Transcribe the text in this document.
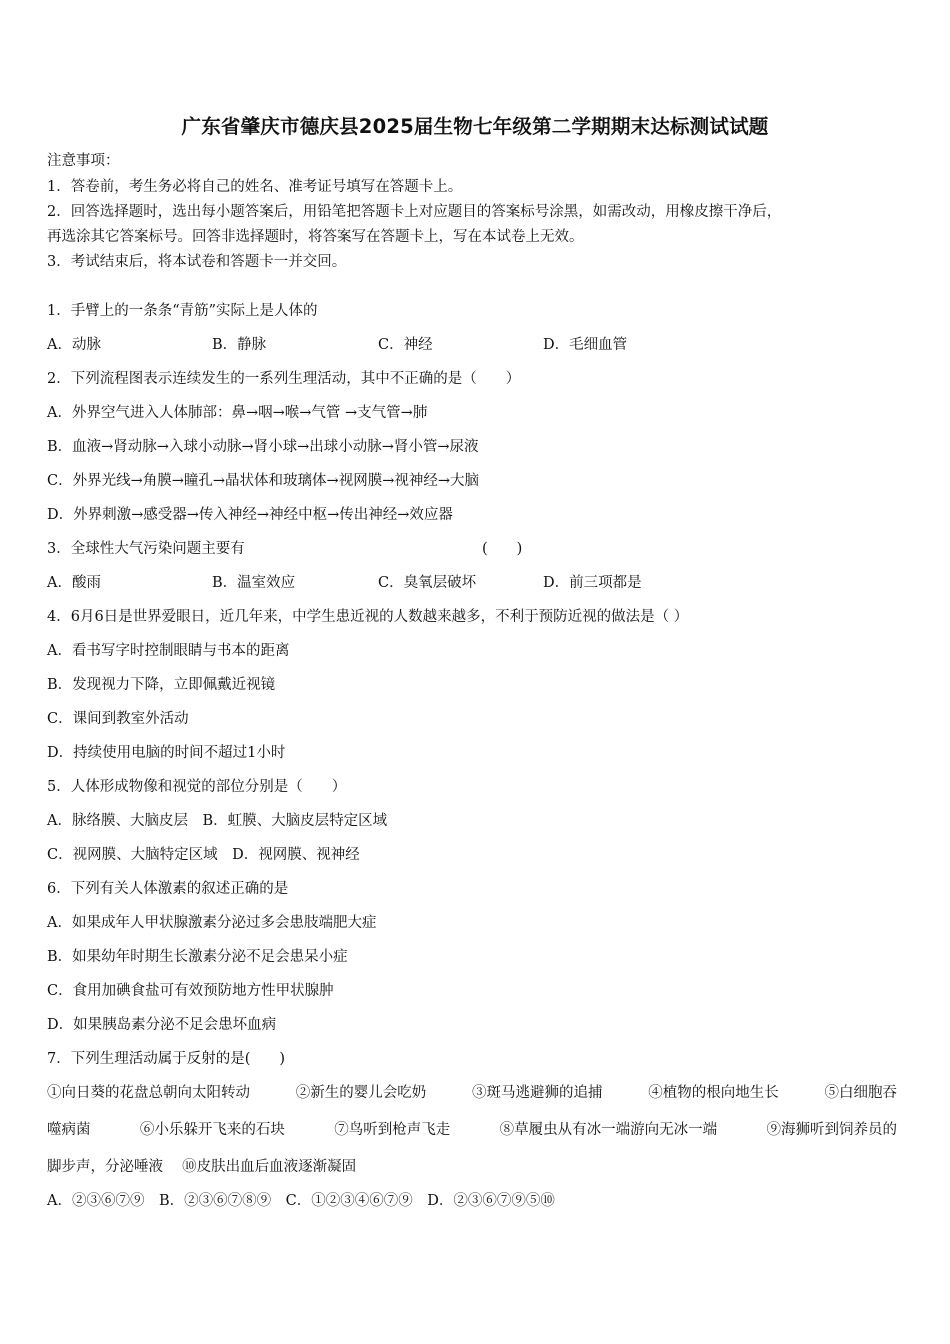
广东省肇庆市德庆县2025届生物七年级第二学期期末达标测试试题
注意事项：
1．答卷前，考生务必将自己的姓名、准考证号填写在答题卡上。
2．回答选择题时，选出每小题答案后，用铅笔把答题卡上对应题目的答案标号涂黑，如需改动，用橡皮擦干净后，
再选涂其它答案标号。回答非选择题时，将答案写在答题卡上，写在本试卷上无效。
3．考试结束后，将本试卷和答题卡一并交回。
1．手臂上的一条条“青筋”实际上是人体的
A．动脉	B．静脉	C．神经	D．毛细血管
2．下列流程图表示连续发生的一系列生理活动，其中不正确的是（　　）
A．外界空气进入人体肺部：鼻→咽→喉→气管 →支气管→肺
B．血液→肾动脉→入球小动脉→肾小球→出球小动脉→肾小管→尿液
C．外界光线→角膜→瞳孔→晶状体和玻璃体→视网膜→视神经→大脑
D．外界刺激→感受器→传入神经→神经中枢→传出神经→效应器
3．全球性大气污染问题主要有	(　　)
A．酸雨	B．温室效应	C．臭氧层破坏	D．前三项都是
4．6月6日是世界爱眼日，近几年来，中学生患近视的人数越来越多，不利于预防近视的做法是（ ）
A．看书写字时控制眼睛与书本的距离
B．发现视力下降，立即佩戴近视镜
C．课间到教室外活动
D．持续使用电脑的时间不超过1小时
5．人体形成物像和视觉的部位分别是（　　）
A．脉络膜、大脑皮层　B．虹膜、大脑皮层特定区域
C．视网膜、大脑特定区域　D．视网膜、视神经
6．下列有关人体激素的叙述正确的是
A．如果成年人甲状腺激素分泌过多会患肢端肥大症
B．如果幼年时期生长激素分泌不足会患呆小症
C．食用加碘食盐可有效预防地方性甲状腺肿
D．如果胰岛素分泌不足会患坏血病
7．下列生理活动属于反射的是(　　)
①向日葵的花盘总朝向太阳转动	②新生的婴儿会吃奶	③斑马逃避狮的追捕	④植物的根向地生长	⑤白细胞吞
噬病菌	⑥小乐躲开飞来的石块	⑦鸟听到枪声飞走	⑧草履虫从有冰一端游向无冰一端	⑨海狮听到饲养员的
脚步声，分泌唾液　 ⑩皮肤出血后血液逐渐凝固
A．②③⑥⑦⑨　B．②③⑥⑦⑧⑨　C．①②③④⑥⑦⑨　D．②③⑥⑦⑨⑤⑩
